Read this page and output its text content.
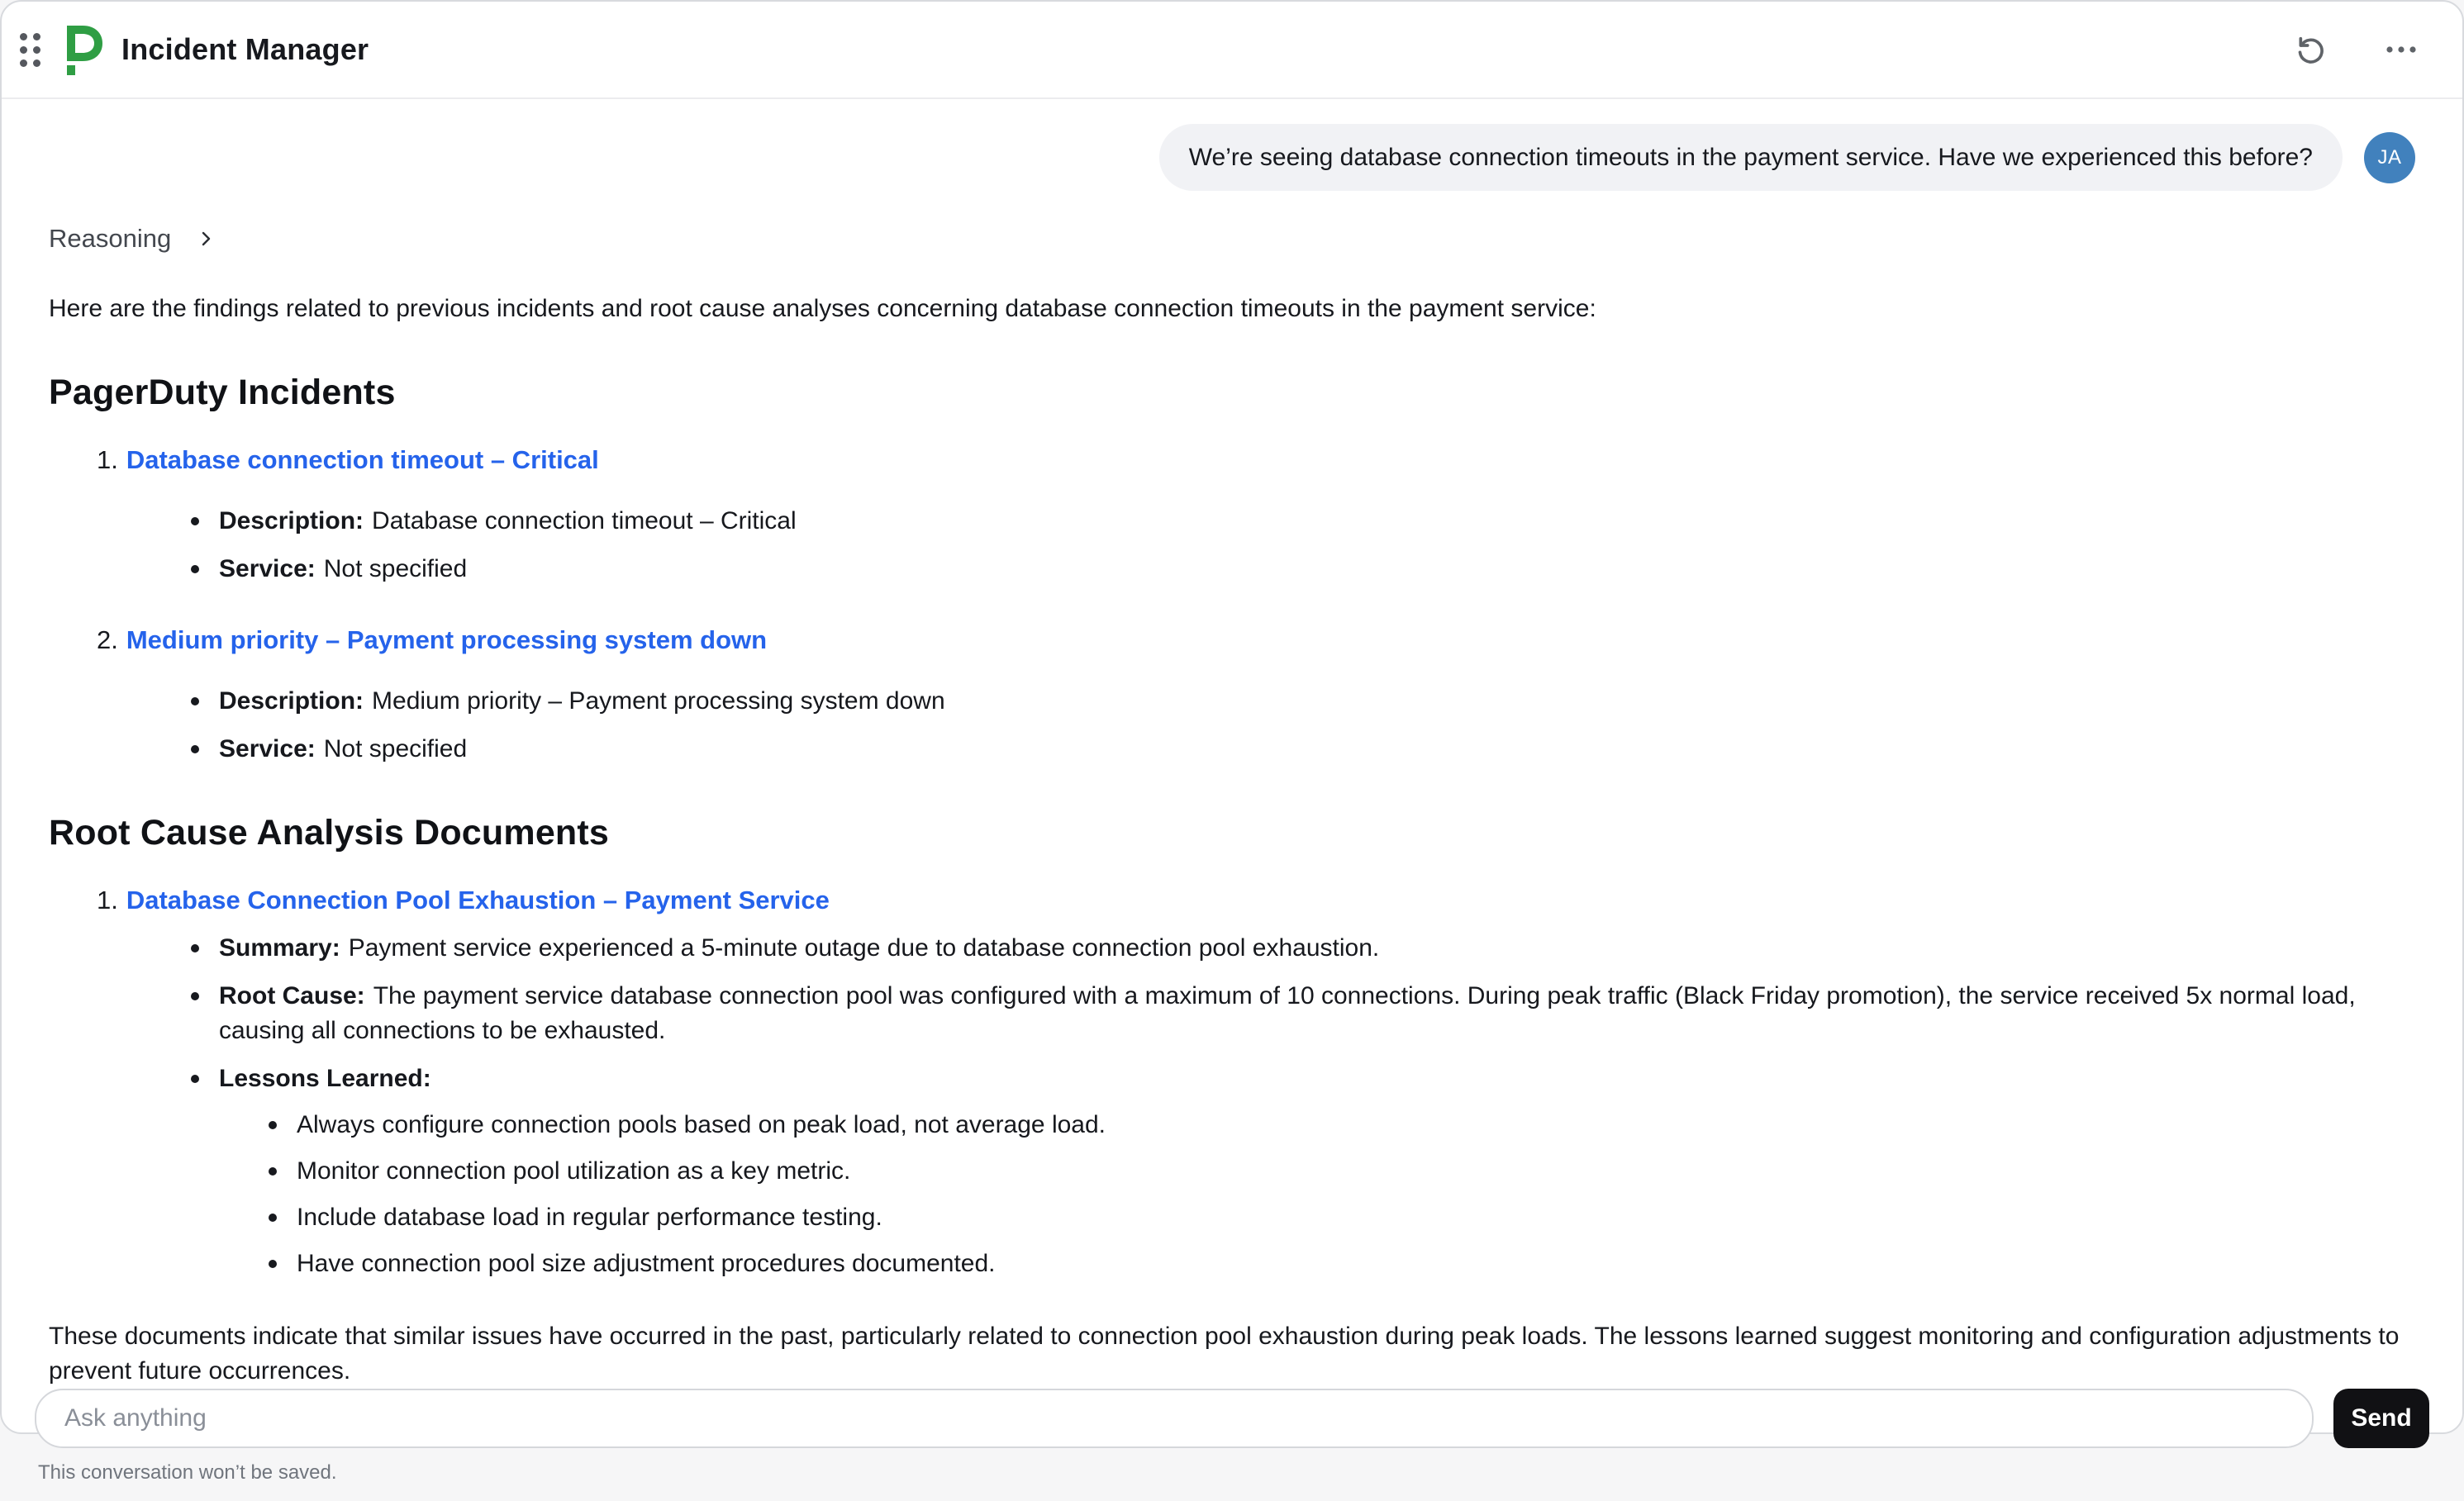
Incident Manager
We’re seeing database connection timeouts in the payment service. Have we experienced this before?	JA
Reasoning

Here are the findings related to previous incidents and root cause analyses concerning database connection timeouts in the payment service:

PagerDuty Incidents
1. Database connection timeout – Critical
Description: Database connection timeout – Critical
Service: Not specified
2. Medium priority – Payment processing system down
Description: Medium priority – Payment processing system down
Service: Not specified
Root Cause Analysis Documents
1. Database Connection Pool Exhaustion – Payment Service
Summary: Payment service experienced a 5-minute outage due to database connection pool exhaustion.
Root Cause: The payment service database connection pool was configured with a maximum of 10 connections. During peak traffic (Black Friday promotion), the service received 5x normal load, causing all connections to be exhausted.
Lessons Learned:
Always configure connection pools based on peak load, not average load.
Monitor connection pool utilization as a key metric.
Include database load in regular performance testing.
Have connection pool size adjustment procedures documented.

These documents indicate that similar issues have occurred in the past, particularly related to connection pool exhaustion during peak loads. The lessons learned suggest monitoring and configuration adjustments to prevent future occurrences.

Ask anything
Send
This conversation won’t be saved.
